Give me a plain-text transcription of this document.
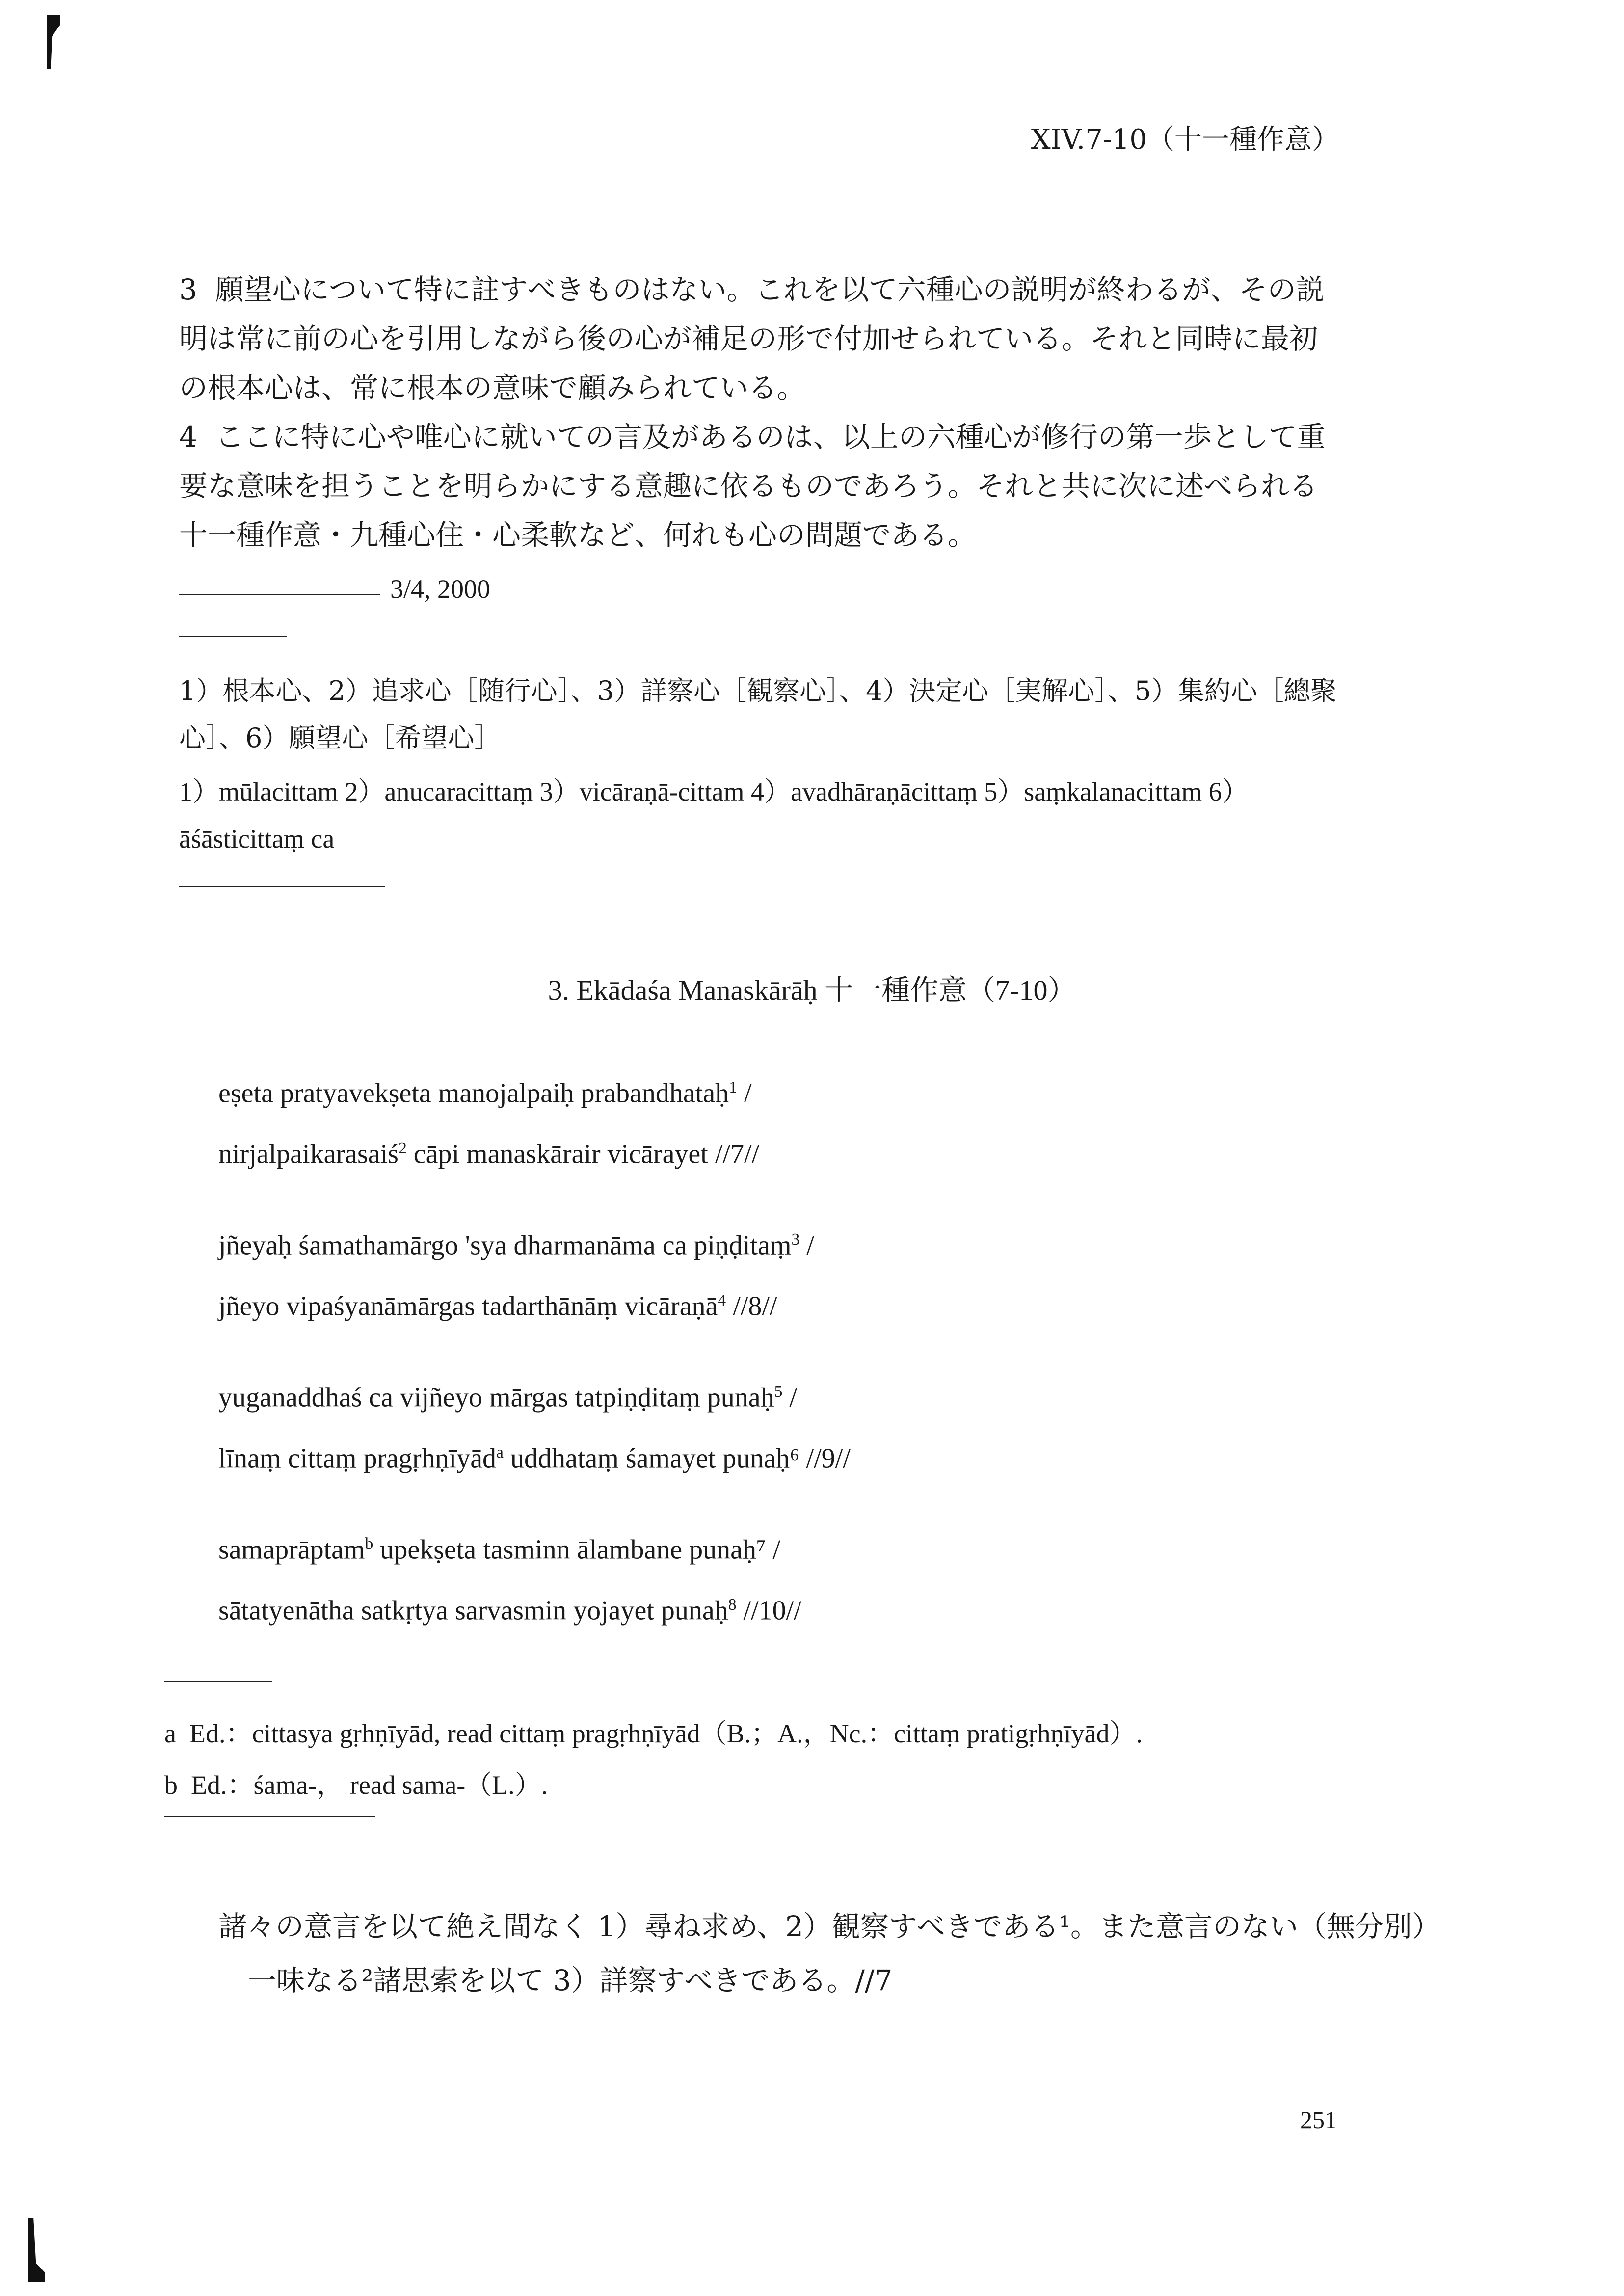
XIV.7-10（十一種作意）
3 願望心について特に註すべきものはない。これを以て六種心の説明が終わるが、その説明は常に前の心を引用しながら後の心が補足の形で付加せられている。それと同時に最初の根本心は、常に根本の意味で顧みられている。
4 ここに特に心や唯心に就いての言及があるのは、以上の六種心が修行の第一歩として重要な意味を担うことを明らかにする意趣に依るものであろう。それと共に次に述べられる十一種作意・九種心住・心柔軟など、何れも心の問題である。
3/4, 2000
1）根本心、2）追求心［随行心］、3）詳察心［観察心］、4）決定心［実解心］、5）集約心［總聚心］、6）願望心［希望心］
1）mūlacittam 2）anucaracittaṃ 3）vicāraṇā-cittam 4）avadhāraṇācittaṃ 5）saṃkalanacittam 6）āśāsticittaṃ ca
3. Ekādaśa Manaskārāḥ 十一種作意（7-10）
eṣeta pratyavekṣeta manojalpaiḥ prabandhataḥ$^1$ /
nirjalpaikarasaiś$^2$ cāpi manaskārair vicārayet //7//
jñeyaḥ śamathamārgo 'sya dharmanāma ca piṇḍitaṃ$^3$ /
jñeyo vipaśyanāmārgas tadarthānāṃ vicāraṇā$^4$ //8//
yuganaddhaś ca vijñeyo mārgas tatpiṇḍitaṃ punaḥ$^5$ /
līnaṃ cittaṃ pragṛhṇīyād$^a$ uddhataṃ śamayet punaḥ⁶ //9//
samaprāptam$^b$ upekṣeta tasminn ālambane punaḥ⁷ /
sātatyenātha satkṛtya sarvasmin yojayet punaḥ$^8$ //10//
a Ed.：cittasya gṛhṇīyād, read cittaṃ pragṛhṇīyād（B.；A.，Nc.：cittaṃ pratigṛhṇīyād）.
b Ed.：śama-， read sama-（L.）.
諸々の意言を以て絶え間なく 1）尋ね求め、2）観察すべきである¹。また意言のない（無分別）
一味なる²諸思索を以て 3）詳察すべきである。//7
251
